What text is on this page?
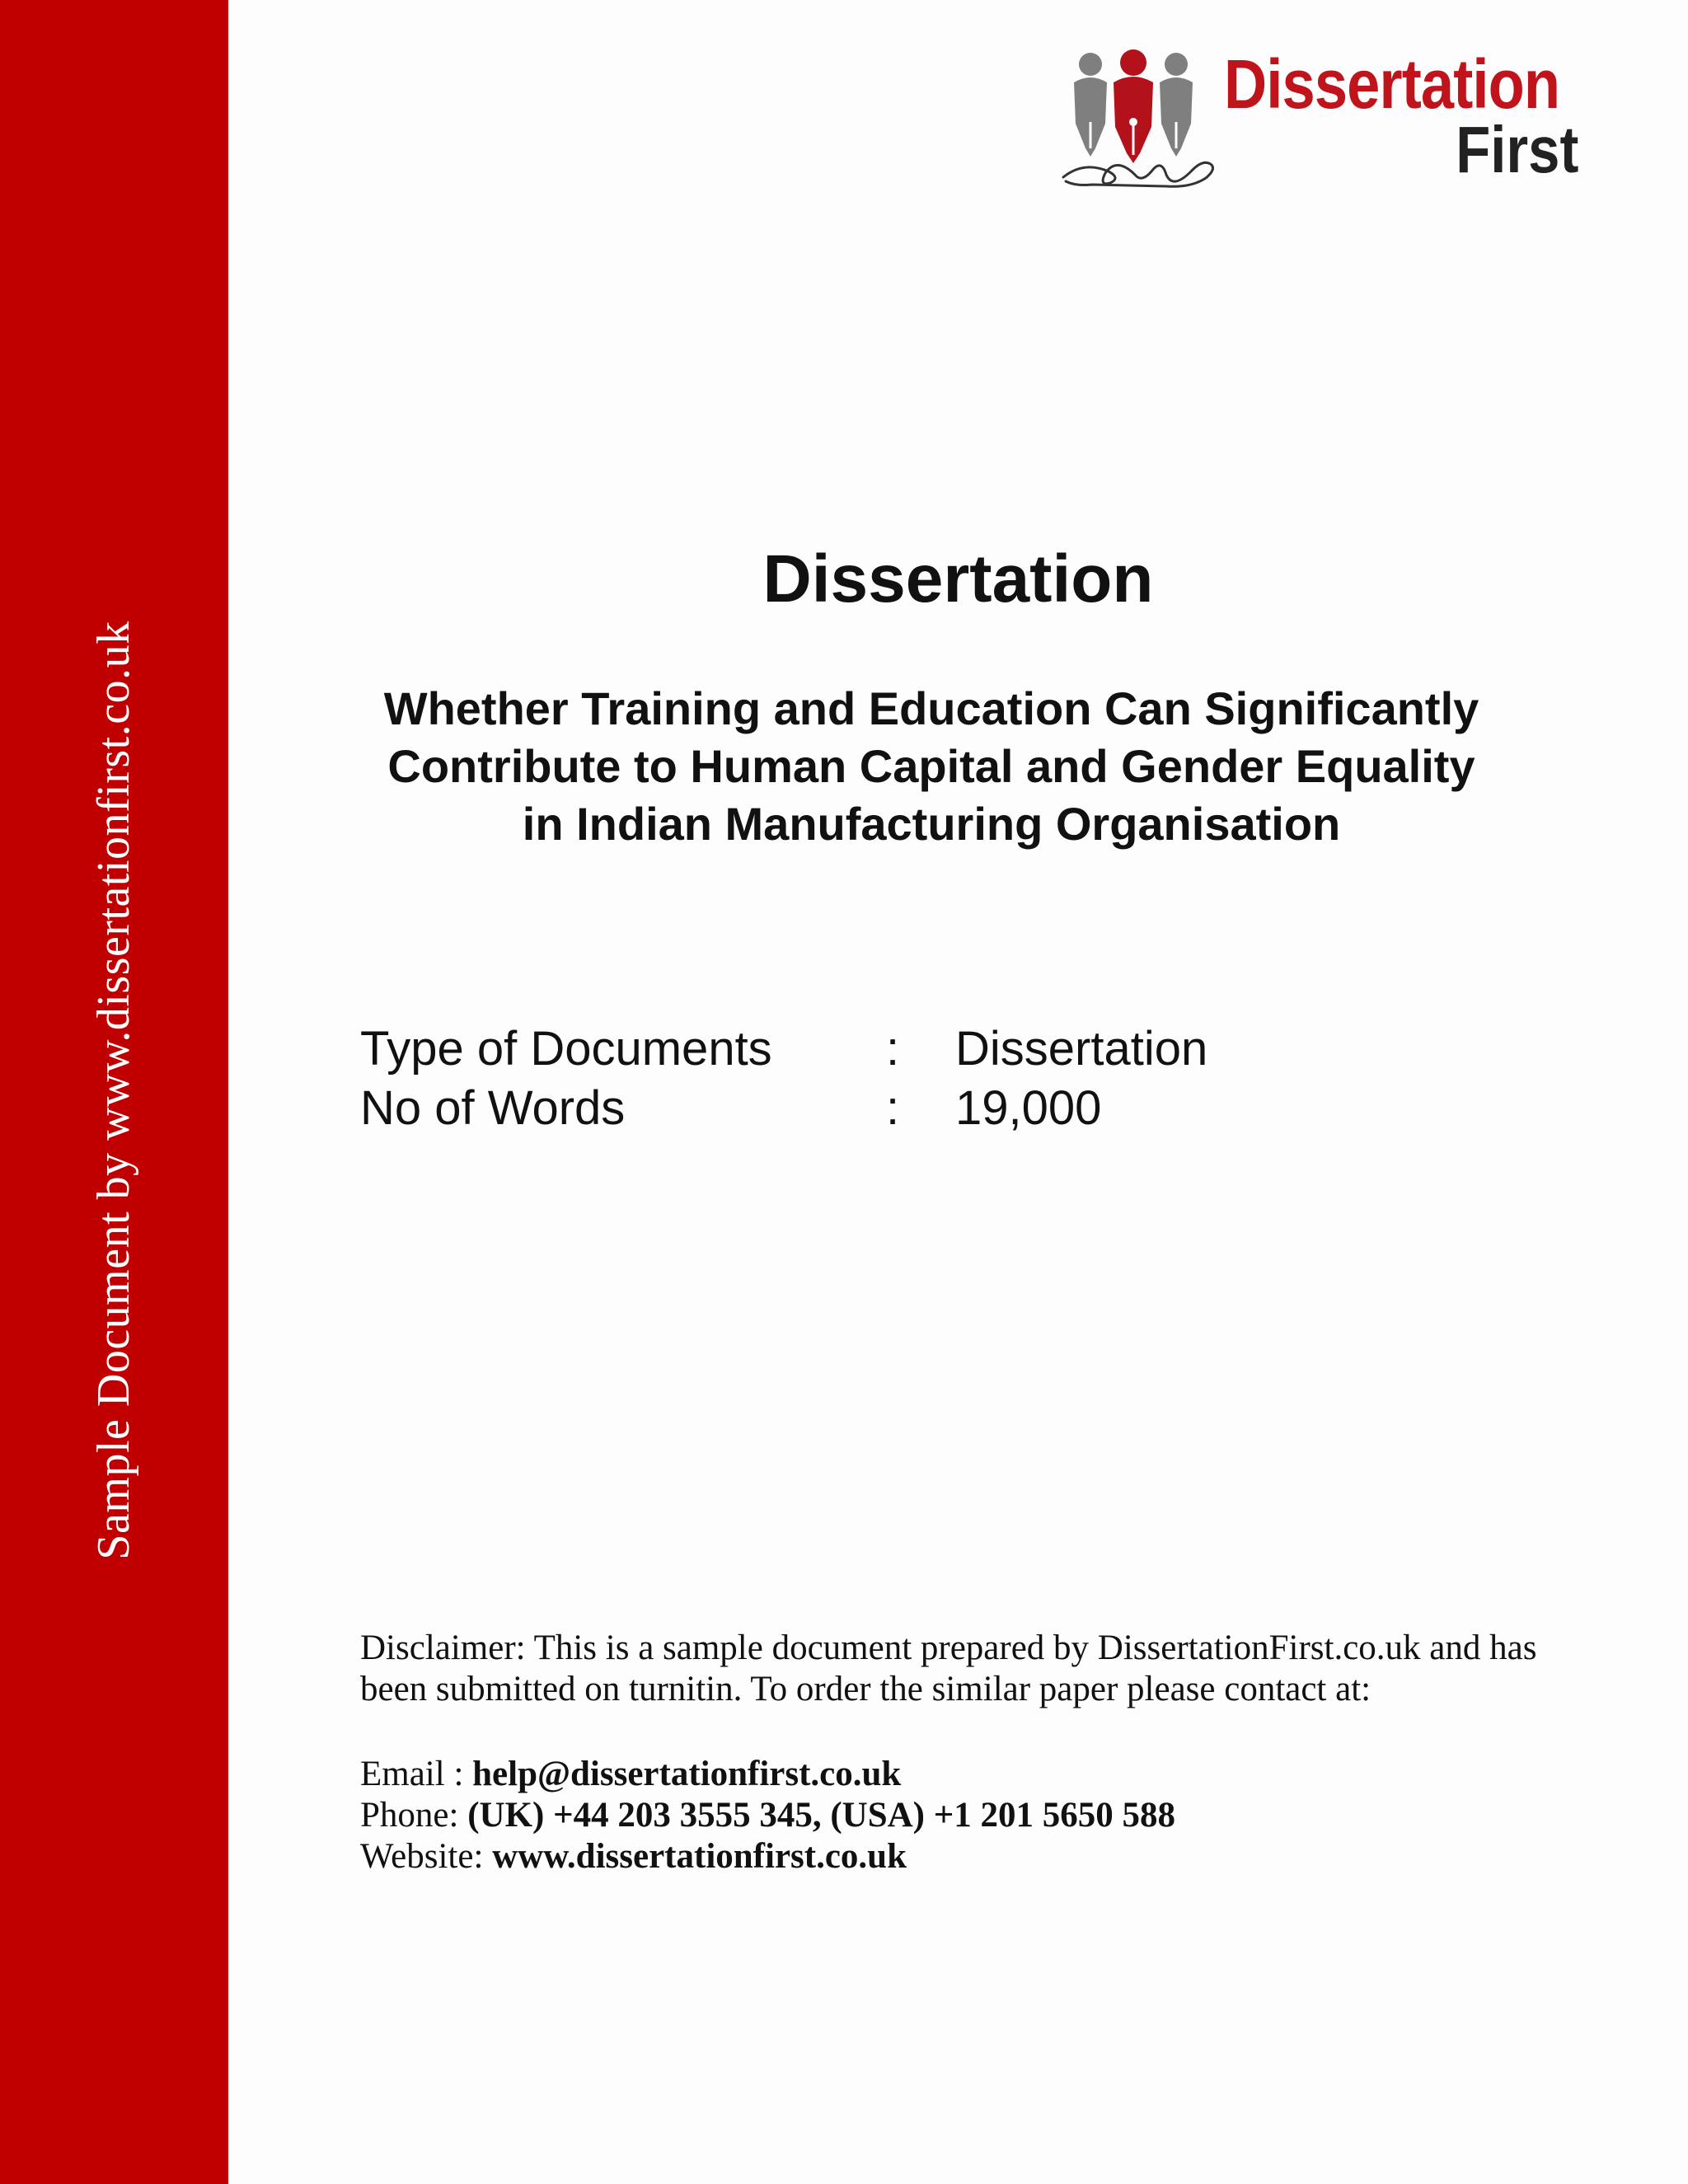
Sample Document by www.dissertationfirst.co.uk
Dissertation
First
Dissertation
Whether Training and Education Can Significantly
Contribute to Human Capital and Gender Equality
in Indian Manufacturing Organisation
Type of Documents : Dissertation
No of Words	: 19,000
Disclaimer: This is a sample document prepared by DissertationFirst.co.uk and has
been submitted on turnitin. To order the similar paper please contact at:
Email : help@dissertationfirst.co.uk
Phone: (UK) +44 203 3555 345, (USA) +1 201 5650 588
Website: www.dissertationfirst.co.uk
